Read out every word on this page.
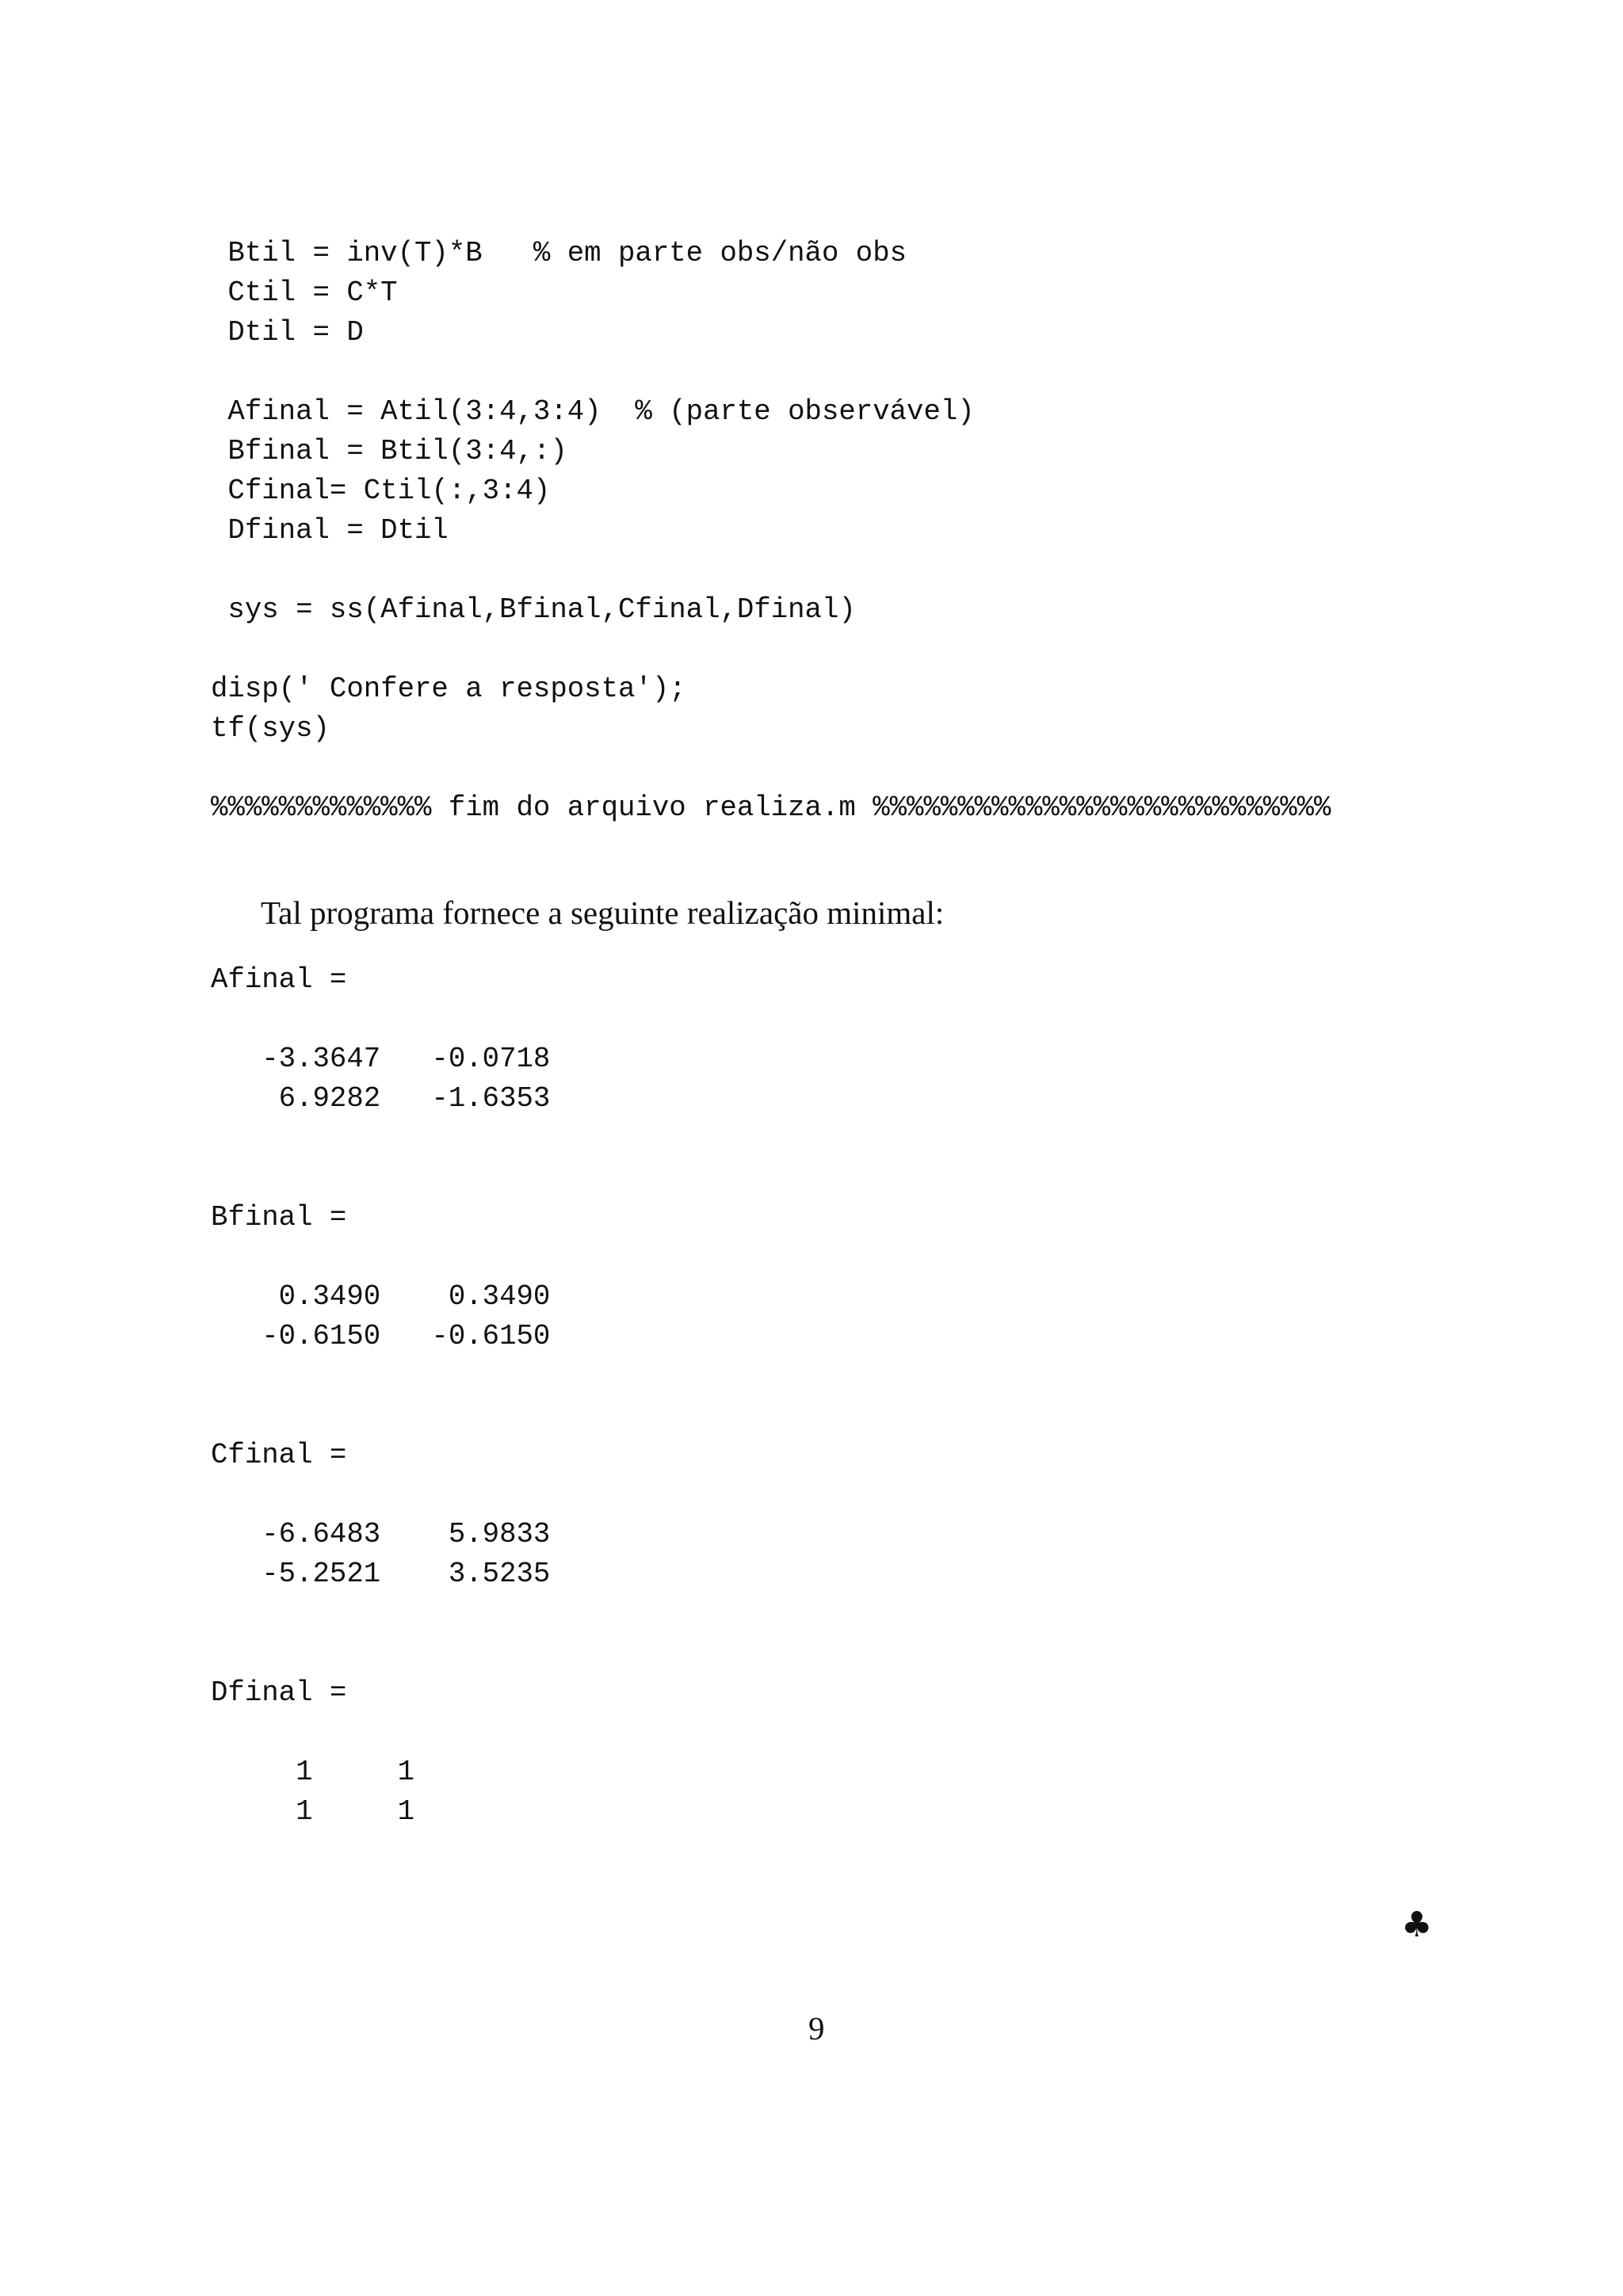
Btil = inv(T)*B   % em parte obs/não obs
Ctil = C*T
Dtil = D
Afinal = Atil(3:4,3:4)  % (parte observável)
Bfinal = Btil(3:4,:)
Cfinal= Ctil(:,3:4)
Dfinal = Dtil
sys = ss(Afinal,Bfinal,Cfinal,Dfinal)
disp(' Confere a resposta');
tf(sys)
%%%%%%%%%%%%% fim do arquivo realiza.m %%%%%%%%%%%%%%%%%%%%%%%%%%%
Tal programa fornece a seguinte realização minimal:
Afinal =
-3.3647   -0.0718
6.9282   -1.6353
Bfinal =
0.3490    0.3490
-0.6150   -0.6150
Cfinal =
-6.6483    5.9833
-5.2521    3.5235
Dfinal =
1     1
1     1
♣
9
